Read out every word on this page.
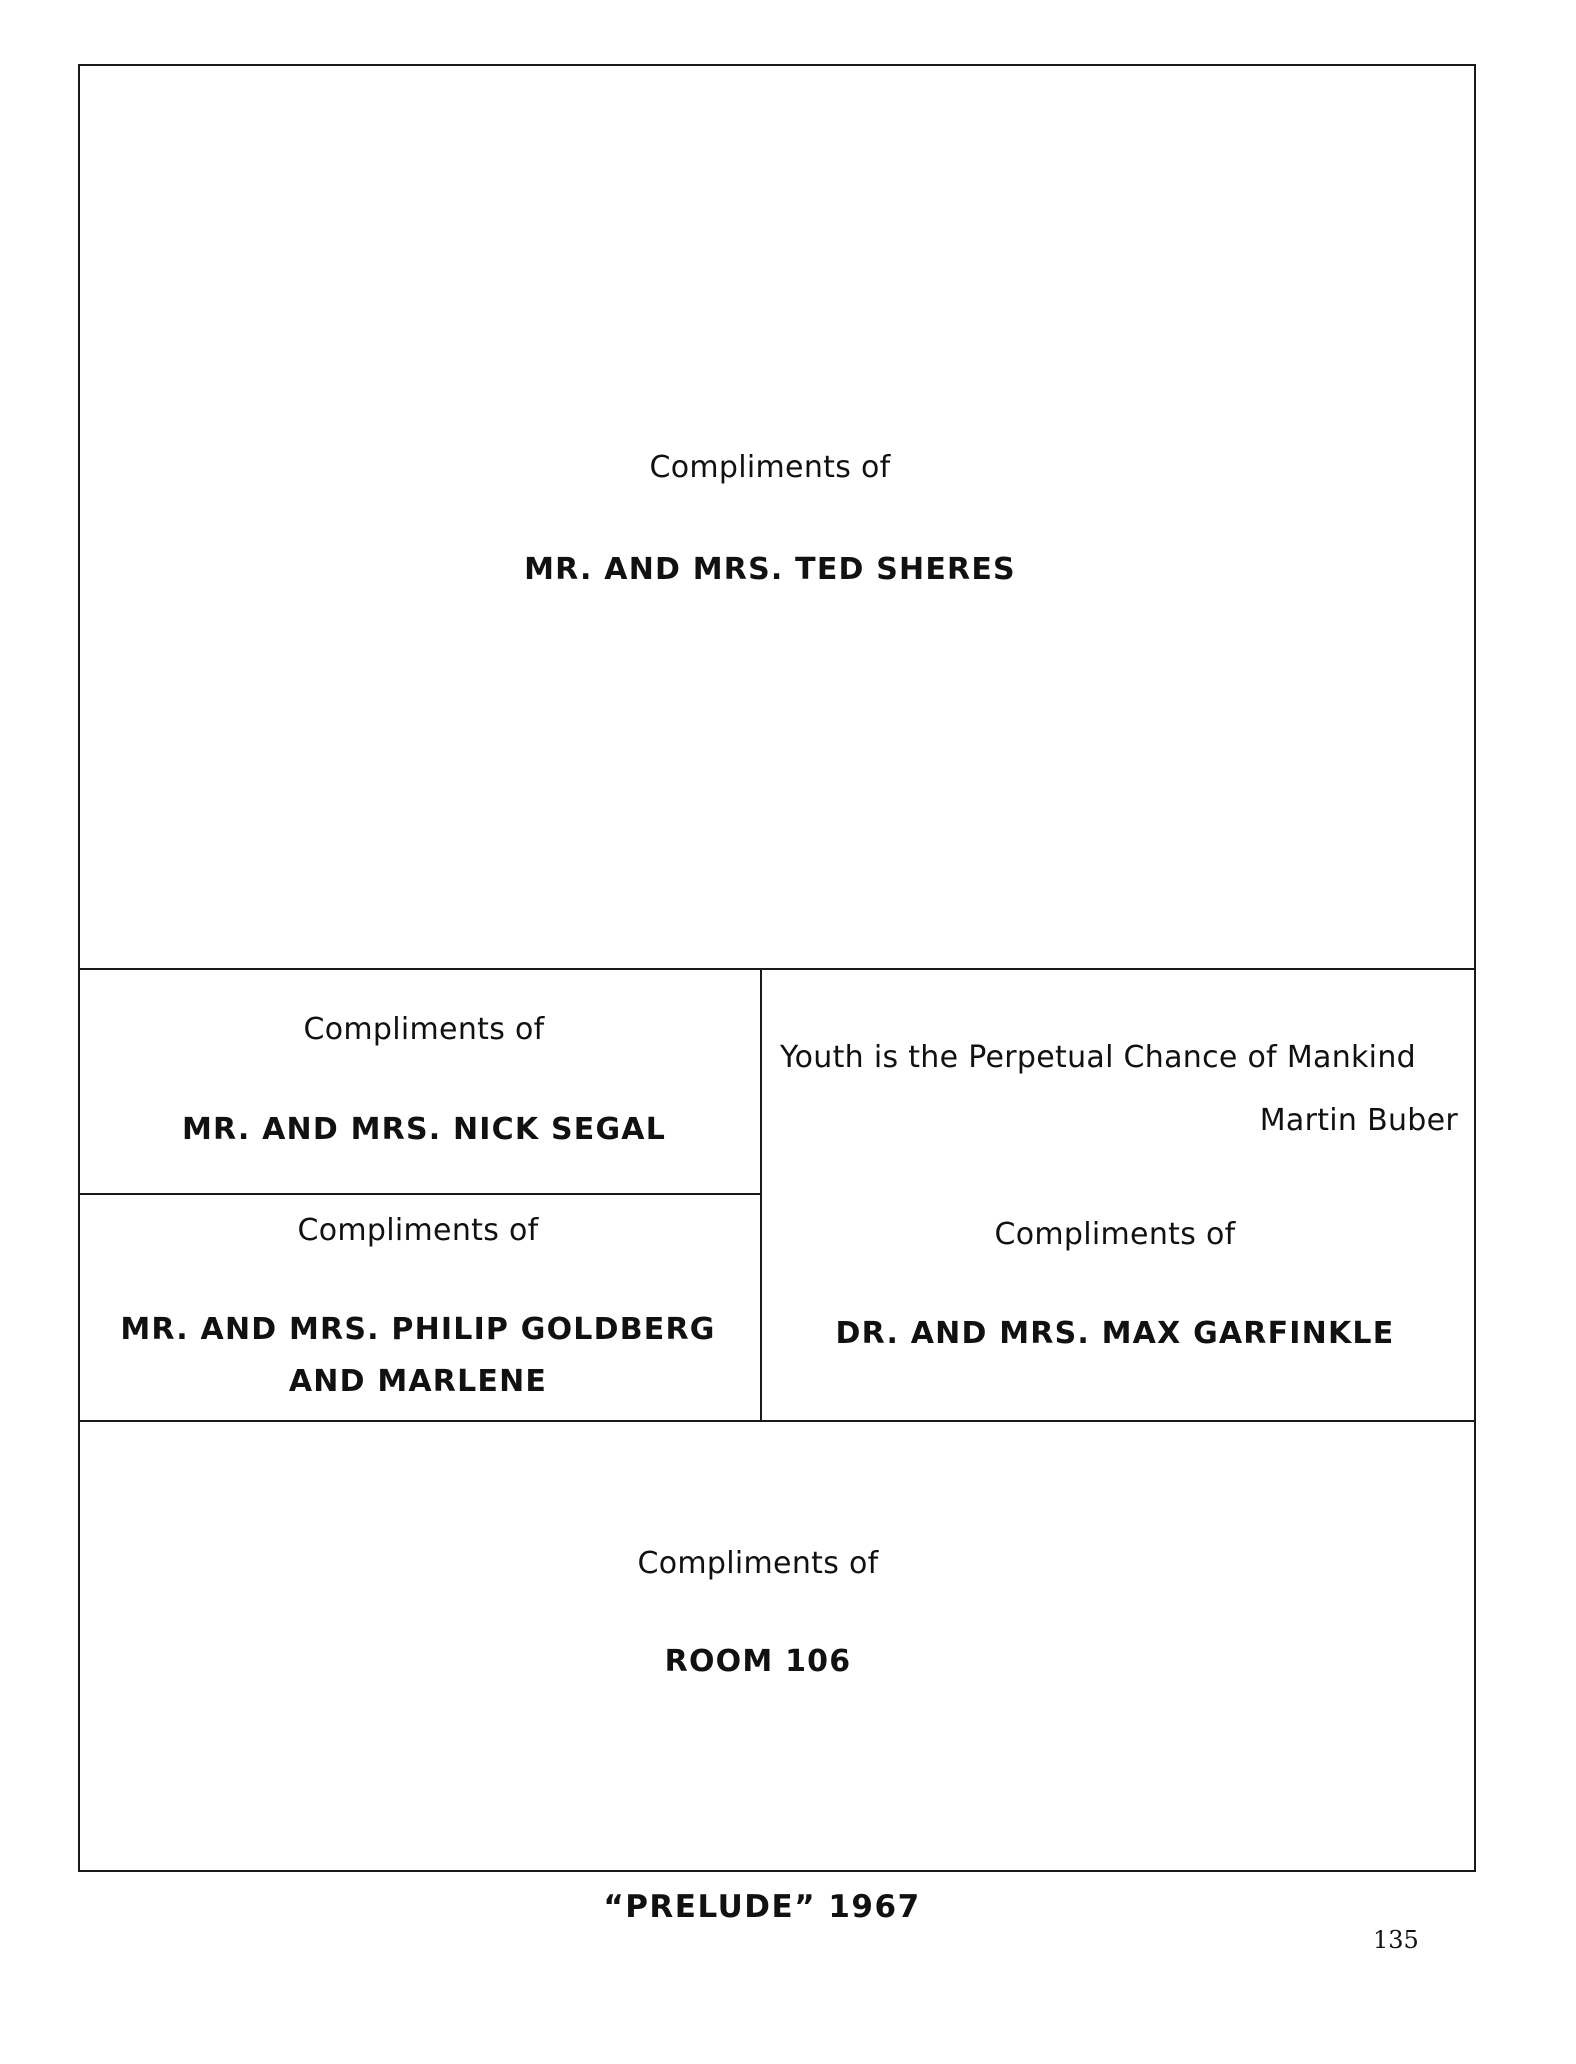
Compliments of
MR. AND MRS. TED SHERES
Compliments of
MR. AND MRS. NICK SEGAL
Compliments of
MR. AND MRS. PHILIP GOLDBERG
AND MARLENE
Youth is the Perpetual Chance of Mankind
Martin Buber
Compliments of
DR. AND MRS. MAX GARFINKLE
Compliments of
ROOM 106
“PRELUDE” 1967
135
